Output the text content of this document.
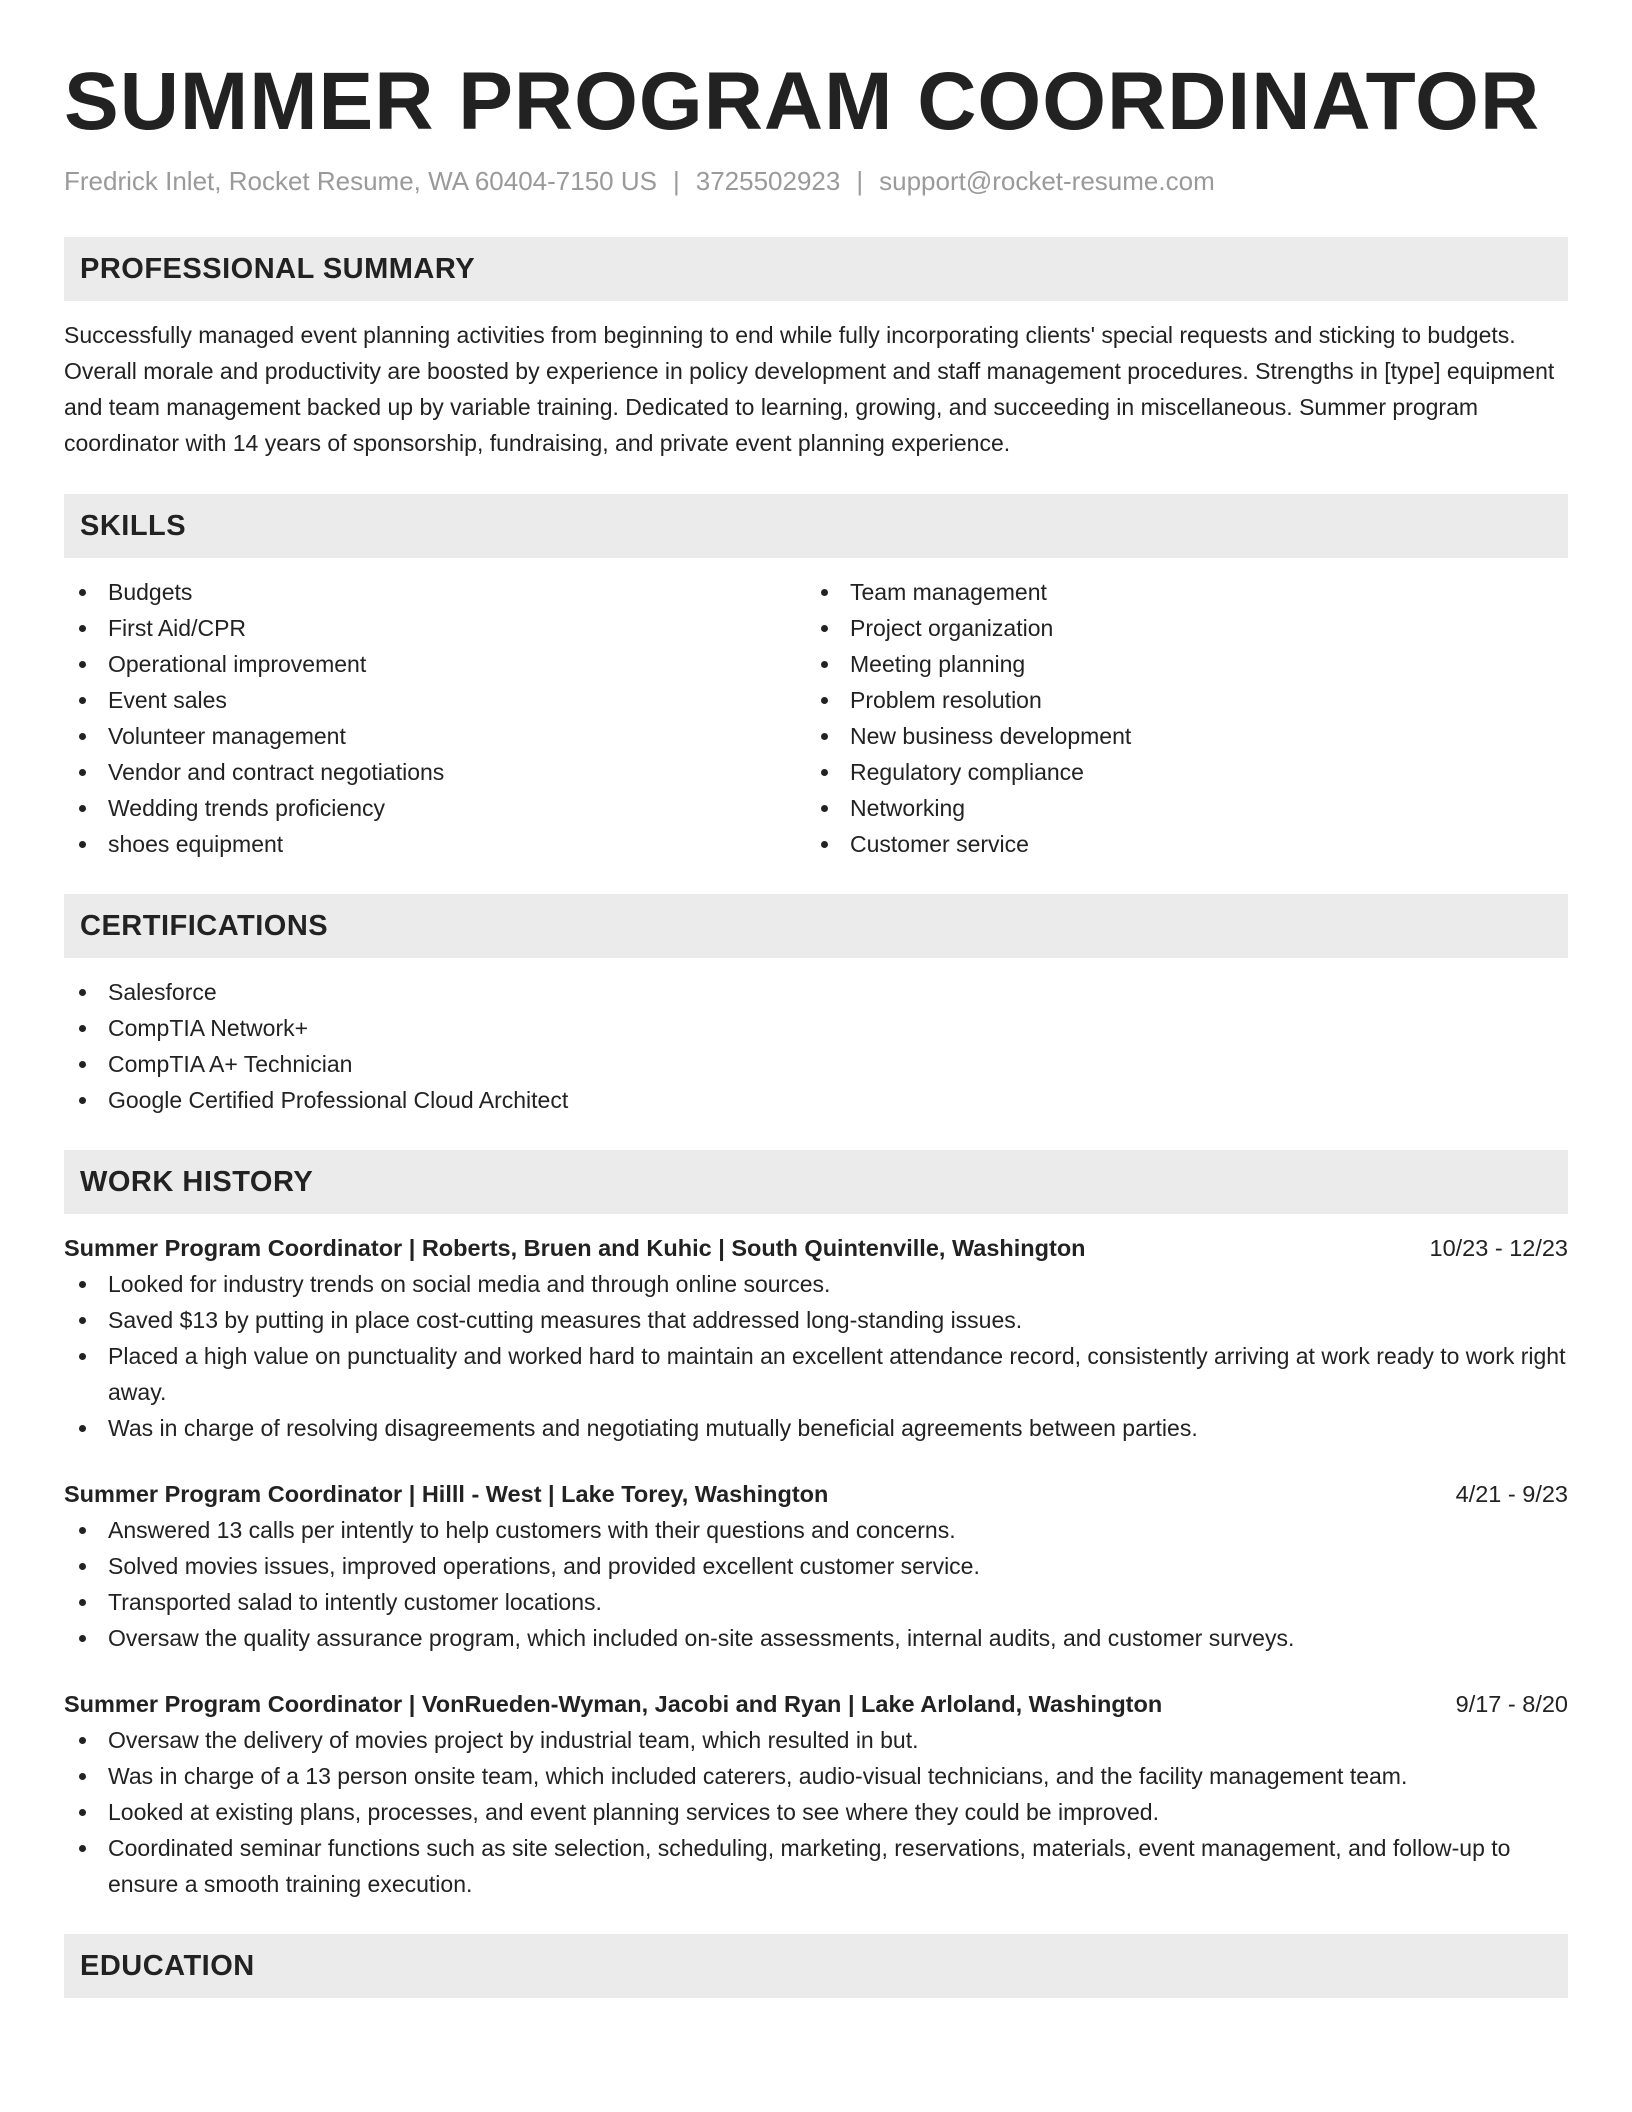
SUMMER PROGRAM COORDINATOR
Fredrick Inlet, Rocket Resume, WA 60404-7150 US | 3725502923 | support@rocket-resume.com
PROFESSIONAL SUMMARY

Successfully managed event planning activities from beginning to end while fully incorporating clients' special requests and sticking to budgets. Overall morale and productivity are boosted by experience in policy development and staff management procedures. Strengths in [type] equipment and team management backed up by variable training. Dedicated to learning, growing, and succeeding in miscellaneous. Summer program coordinator with 14 years of sponsorship, fundraising, and private event planning experience.

SKILLS
Budgets
First Aid/CPR
Operational improvement
Event sales
Volunteer management
Vendor and contract negotiations
Wedding trends proficiency
shoes equipment
Team management
Project organization
Meeting planning
Problem resolution
New business development
Regulatory compliance
Networking
Customer service
CERTIFICATIONS
Salesforce
CompTIA Network+
CompTIA A+ Technician
Google Certified Professional Cloud Architect
WORK HISTORY
Summer Program Coordinator | Roberts, Bruen and Kuhic | South Quintenville, Washington	10/23 - 12/23
Looked for industry trends on social media and through online sources.
Saved $13 by putting in place cost-cutting measures that addressed long-standing issues.
Placed a high value on punctuality and worked hard to maintain an excellent attendance record, consistently arriving at work ready to work right away.
Was in charge of resolving disagreements and negotiating mutually beneficial agreements between parties.
Summer Program Coordinator | Hilll - West | Lake Torey, Washington	4/21 - 9/23
Answered 13 calls per intently to help customers with their questions and concerns.
Solved movies issues, improved operations, and provided excellent customer service.
Transported salad to intently customer locations.
Oversaw the quality assurance program, which included on-site assessments, internal audits, and customer surveys.
Summer Program Coordinator | VonRueden-Wyman, Jacobi and Ryan | Lake Arloland, Washington	9/17 - 8/20
Oversaw the delivery of movies project by industrial team, which resulted in but.
Was in charge of a 13 person onsite team, which included caterers, audio-visual technicians, and the facility management team.
Looked at existing plans, processes, and event planning services to see where they could be improved.
Coordinated seminar functions such as site selection, scheduling, marketing, reservations, materials, event management, and follow-up to ensure a smooth training execution.
EDUCATION
